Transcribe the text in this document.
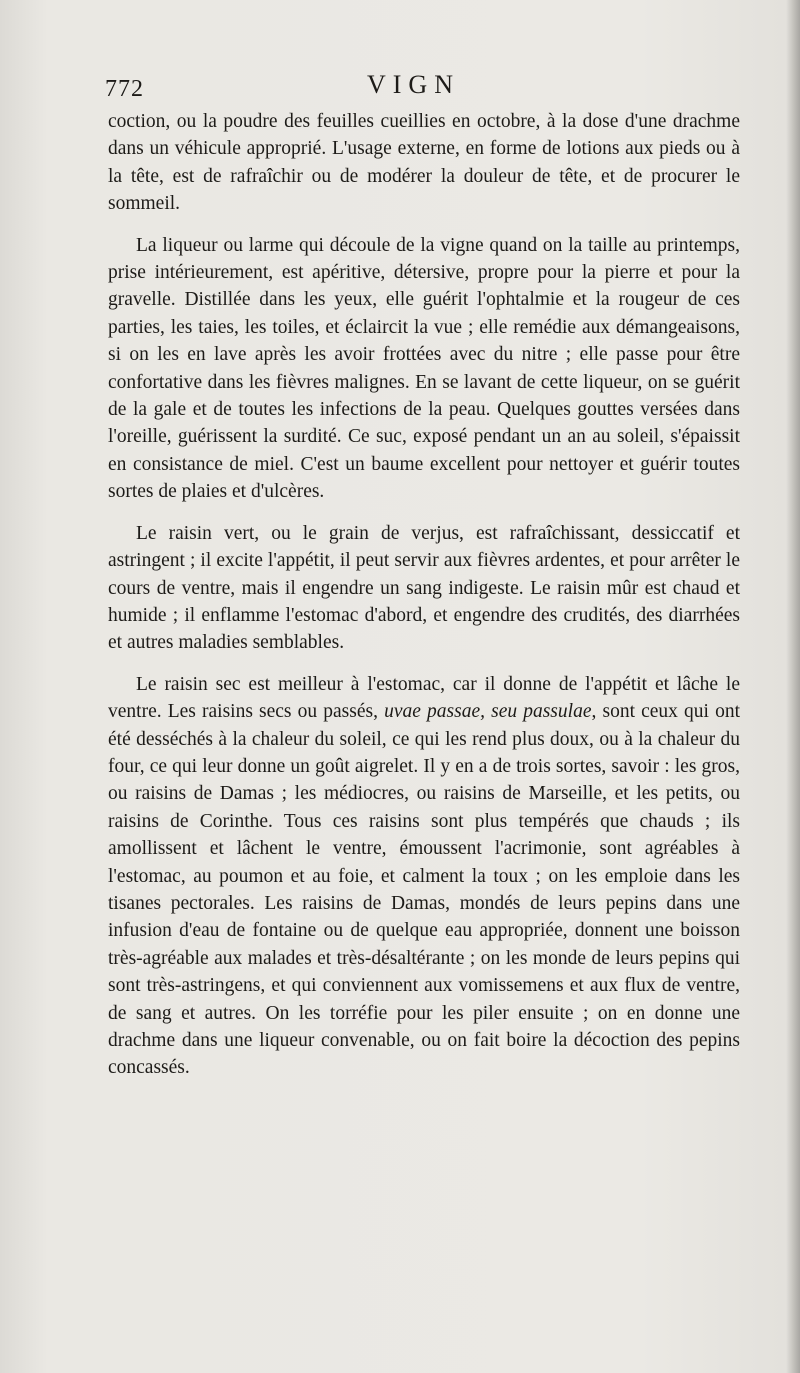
772	VIGN

coction, ou la poudre des feuilles cueillies en octobre, à la dose d'une drachme dans un véhicule approprié. L'usage externe, en forme de lotions aux pieds ou à la tête, est de rafraîchir ou de modérer la douleur de tête, et de procurer le sommeil.

La liqueur ou larme qui découle de la vigne quand on la taille au printemps, prise intérieurement, est apéritive, détersive, propre pour la pierre et pour la gravelle. Distillée dans les yeux, elle guérit l'ophtalmie et la rougeur de ces parties, les taies, les toiles, et éclaircit la vue ; elle remédie aux démangeaisons, si on les en lave après les avoir frottées avec du nitre ; elle passe pour être confortative dans les fièvres malignes. En se lavant de cette liqueur, on se guérit de la gale et de toutes les infections de la peau. Quelques gouttes versées dans l'oreille, guérissent la surdité. Ce suc, exposé pendant un an au soleil, s'épaissit en consistance de miel. C'est un baume excellent pour nettoyer et guérir toutes sortes de plaies et d'ulcères.

Le raisin vert, ou le grain de verjus, est rafraîchissant, dessiccatif et astringent ; il excite l'appétit, il peut servir aux fièvres ardentes, et pour arrêter le cours de ventre, mais il engendre un sang indigeste. Le raisin mûr est chaud et humide ; il enflamme l'estomac d'abord, et engendre des crudités, des diarrhées et autres maladies semblables.

Le raisin sec est meilleur à l'estomac, car il donne de l'appétit et lâche le ventre. Les raisins secs ou passés, uvae passae, seu passulae, sont ceux qui ont été desséchés à la chaleur du soleil, ce qui les rend plus doux, ou à la chaleur du four, ce qui leur donne un goût aigrelet. Il y en a de trois sortes, savoir : les gros, ou raisins de Damas ; les médiocres, ou raisins de Marseille, et les petits, ou raisins de Corinthe. Tous ces raisins sont plus tempérés que chauds ; ils amollissent et lâchent le ventre, émoussent l'acrimonie, sont agréables à l'estomac, au poumon et au foie, et calment la toux ; on les emploie dans les tisanes pectorales. Les raisins de Damas, mondés de leurs pepins dans une infusion d'eau de fontaine ou de quelque eau appropriée, donnent une boisson très-agréable aux malades et très-désaltérante ; on les monde de leurs pepins qui sont très-astringens, et qui conviennent aux vomissemens et aux flux de ventre, de sang et autres. On les torréfie pour les piler ensuite ; on en donne une drachme dans une liqueur convenable, ou on fait boire la décoction des pepins concassés.
